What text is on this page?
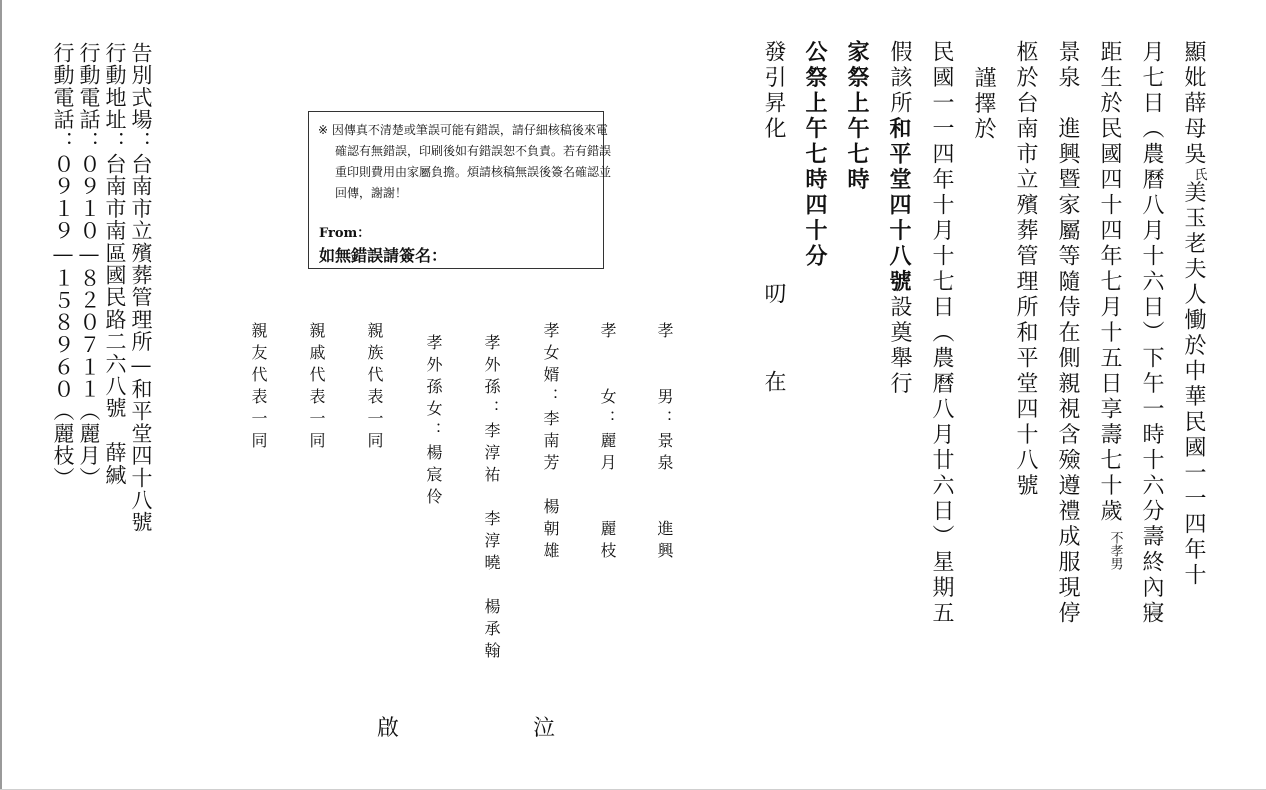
顯妣薛母吳氏美玉老夫人慟於中華民國一一四年十
月七日（農曆八月十六日）下午一時十六分壽終內寢
距生於民國四十四年七月十五日享壽七十歲不孝男
景泉　進興暨家屬等隨侍在側親視含殮遵禮成服現停
柩於台南市立殯葬管理所和平堂四十八號
謹擇於
民國一一四年十月十七日（農曆八月廿六日）星期五
假該所和平堂四十八號設奠舉行
家祭上午七時
公祭上午七時四十分
發引昇化
叨
在
孝　　男：景泉　　進興
孝　　女：麗月　　麗枝
孝女婿：李南芳　楊朝雄
孝外孫：李淳祐　李淳曉　楊承翰
孝外孫女：楊宸伶
親族代表一同
親戚代表一同
親友代表一同
泣
啟

※ 因傳真不清楚或筆誤可能有錯誤，請仔細核稿後來電確認有無錯誤，印刷後如有錯誤恕不負責。若有錯誤重印則費用由家屬負擔。煩請核稿無誤後簽名確認並回傳，謝謝！

From：
如無錯誤請簽名：
告別式場：台南市立殯葬管理所—和平堂四十八號
行動地址：台南市南區國民路二六八號　薛緘
行動電話：０９１０—８２０７１１（麗月）
行動電話：０９１９—１５８９６０（麗枝）
